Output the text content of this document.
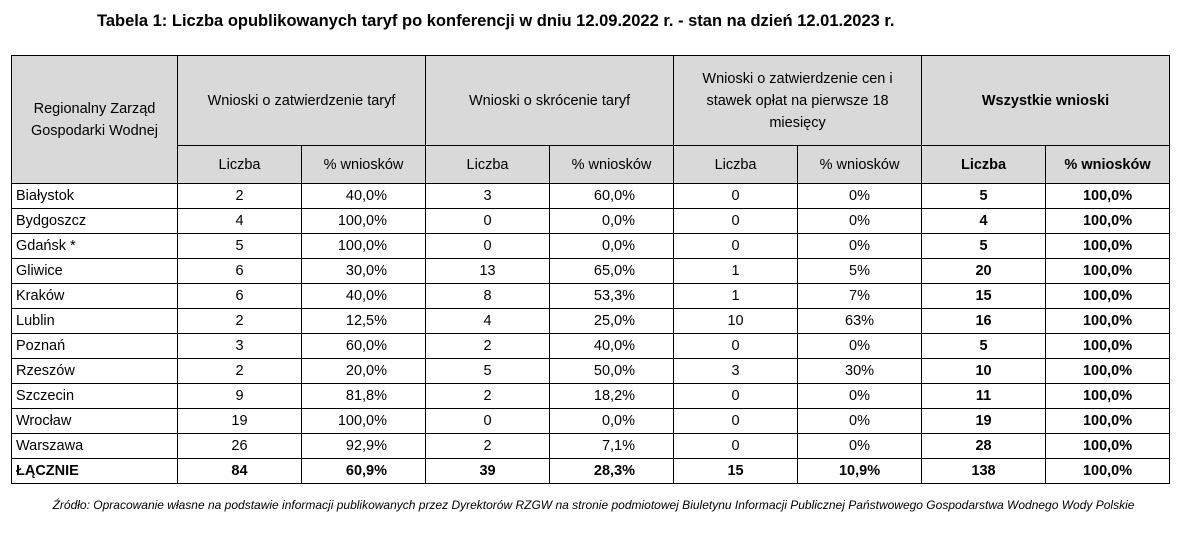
Tabela 1: Liczba opublikowanych taryf po konferencji w dniu 12.09.2022 r. - stan na dzień 12.01.2023 r.
Regionalny Zarząd Gospodarki Wodnej	Wnioski o zatwierdzenie taryf		Wnioski o skrócenie taryf		Wnioski o zatwierdzenie cen i stawek opłat na pierwsze 18 miesięcy		Wszystkie wnioski	
	Liczba	% wniosków	Liczba	% wniosków	Liczba	% wniosków	Liczba	% wniosków
Białystok	2	40,0%	3	60,0%	0	0%	5	100,0%
Bydgoszcz	4	100,0%	0	0,0%	0	0%	4	100,0%
Gdańsk *	5	100,0%	0	0,0%	0	0%	5	100,0%
Gliwice	6	30,0%	13	65,0%	1	5%	20	100,0%
Kraków	6	40,0%	8	53,3%	1	7%	15	100,0%
Lublin	2	12,5%	4	25,0%	10	63%	16	100,0%
Poznań	3	60,0%	2	40,0%	0	0%	5	100,0%
Rzeszów	2	20,0%	5	50,0%	3	30%	10	100,0%
Szczecin	9	81,8%	2	18,2%	0	0%	11	100,0%
Wrocław	19	100,0%	0	0,0%	0	0%	19	100,0%
Warszawa	26	92,9%	2	7,1%	0	0%	28	100,0%
ŁĄCZNIE	84	60,9%	39	28,3%	15	10,9%	138	100,0%
Źródło: Opracowanie własne na podstawie informacji publikowanych przez Dyrektorów RZGW na stronie podmiotowej Biuletynu Informacji Publicznej Państwowego Gospodarstwa Wodnego Wody Polskie
